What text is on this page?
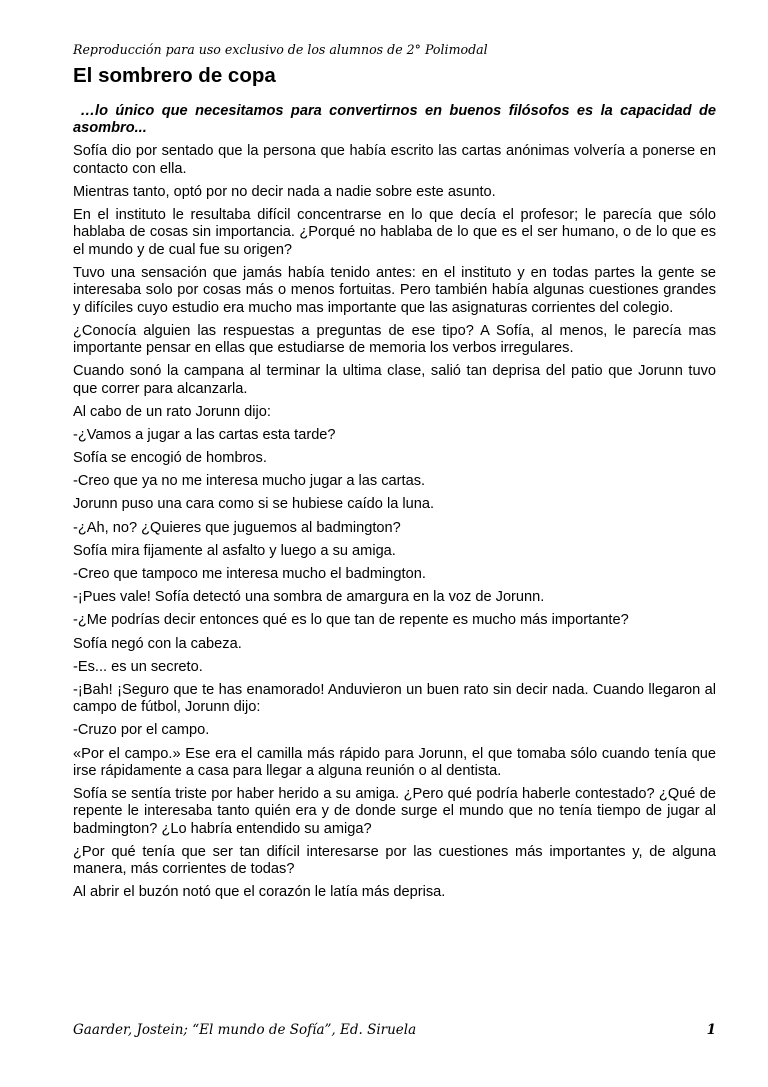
Reproducción para uso exclusivo de los alumnos de 2° Polimodal
El sombrero de copa

…lo único que necesitamos para convertirnos en buenos filósofos es la capacidad de asombro...

Sofía dio por sentado que la persona que había escrito las cartas anónimas volvería a ponerse en contacto con ella.

Mientras tanto, optó por no decir nada a nadie sobre este asunto.

En el instituto le resultaba difícil concentrarse en lo que decía el profesor; le parecía que sólo hablaba de cosas sin importancia. ¿Porqué no hablaba de lo que es el ser humano, o de lo que es el mundo y de cual fue su origen?

Tuvo una sensación que jamás había tenido antes: en el instituto y en todas partes la gente se interesaba solo por cosas más o menos fortuitas. Pero también había algunas cuestiones grandes y difíciles cuyo estudio era mucho mas importante que las asignaturas corrientes del colegio.

¿Conocía alguien las respuestas a preguntas de ese tipo? A Sofía, al menos, le parecía mas importante pensar en ellas que estudiarse de memoria los verbos irregulares.

Cuando sonó la campana al terminar la ultima clase, salió tan deprisa del patio que Jorunn tuvo que correr para alcanzarla.

Al cabo de un rato Jorunn dijo:

-¿Vamos a jugar a las cartas esta tarde?

Sofía se encogió de hombros.

-Creo que ya no me interesa mucho jugar a las cartas.

Jorunn puso una cara como si se hubiese caído la luna.

-¿Ah, no? ¿Quieres que juguemos al badmington?

Sofía mira fijamente al asfalto y luego a su amiga.

-Creo que tampoco me interesa mucho el badmington.

-¡Pues vale! Sofía detectó una sombra de amargura en la voz de Jorunn.

-¿Me podrías decir entonces qué es lo que tan de repente es mucho más importante?

Sofía negó con la cabeza.

-Es... es un secreto.

-¡Bah! ¡Seguro que te has enamorado! Anduvieron un buen rato sin decir nada. Cuando llegaron al campo de fútbol, Jorunn dijo:

-Cruzo por el campo.

«Por el campo.» Ese era el camilla más rápido para Jorunn, el que tomaba sólo cuando tenía que irse rápidamente a casa para llegar a alguna reunión o al dentista.

Sofía se sentía triste por haber herido a su amiga. ¿Pero qué podría haberle contestado? ¿Qué de repente le interesaba tanto quién era y de donde surge el mundo que no tenía tiempo de jugar al badmington? ¿Lo habría entendido su amiga?

¿Por qué tenía que ser tan difícil interesarse por las cuestiones más importantes y, de alguna manera, más corrientes de todas?

Al abrir el buzón notó que el corazón le latía más deprisa.

Gaarder, Jostein; “El mundo de Sofía”, Ed. Siruela	1
